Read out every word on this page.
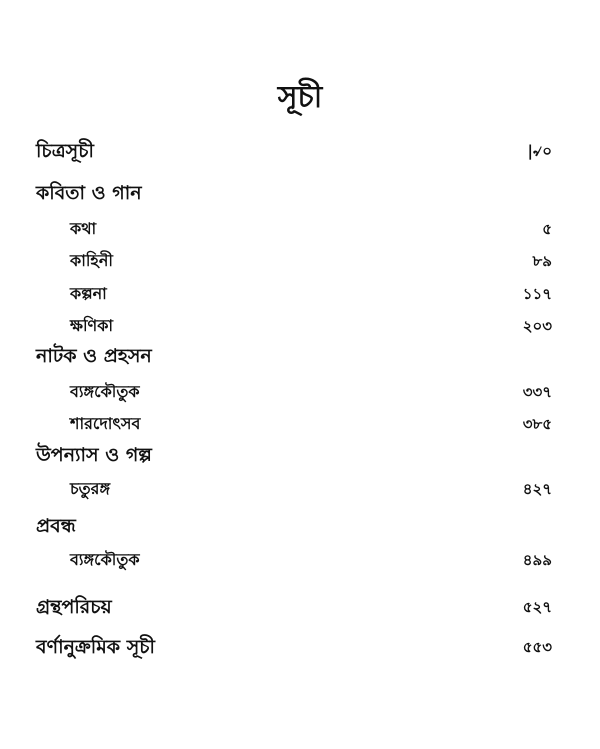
সূচী
চিত্রসূচী	|৵০
কবিতা ও গান
কথা	৫
কাহিনী	৮৯
কল্পনা	১১৭
ক্ষণিকা	২০৩
নাটক ও প্রহসন
ব্যঙ্গকৌতুক	৩৩৭
শারদোৎসব	৩৮৫
উপন্যাস ও গল্প
চতুরঙ্গ	৪২৭
প্রবন্ধ
ব্যঙ্গকৌতুক	৪৯৯
গ্রন্থপরিচয়	৫২৭
বর্ণানুক্রমিক সূচী	৫৫৩
